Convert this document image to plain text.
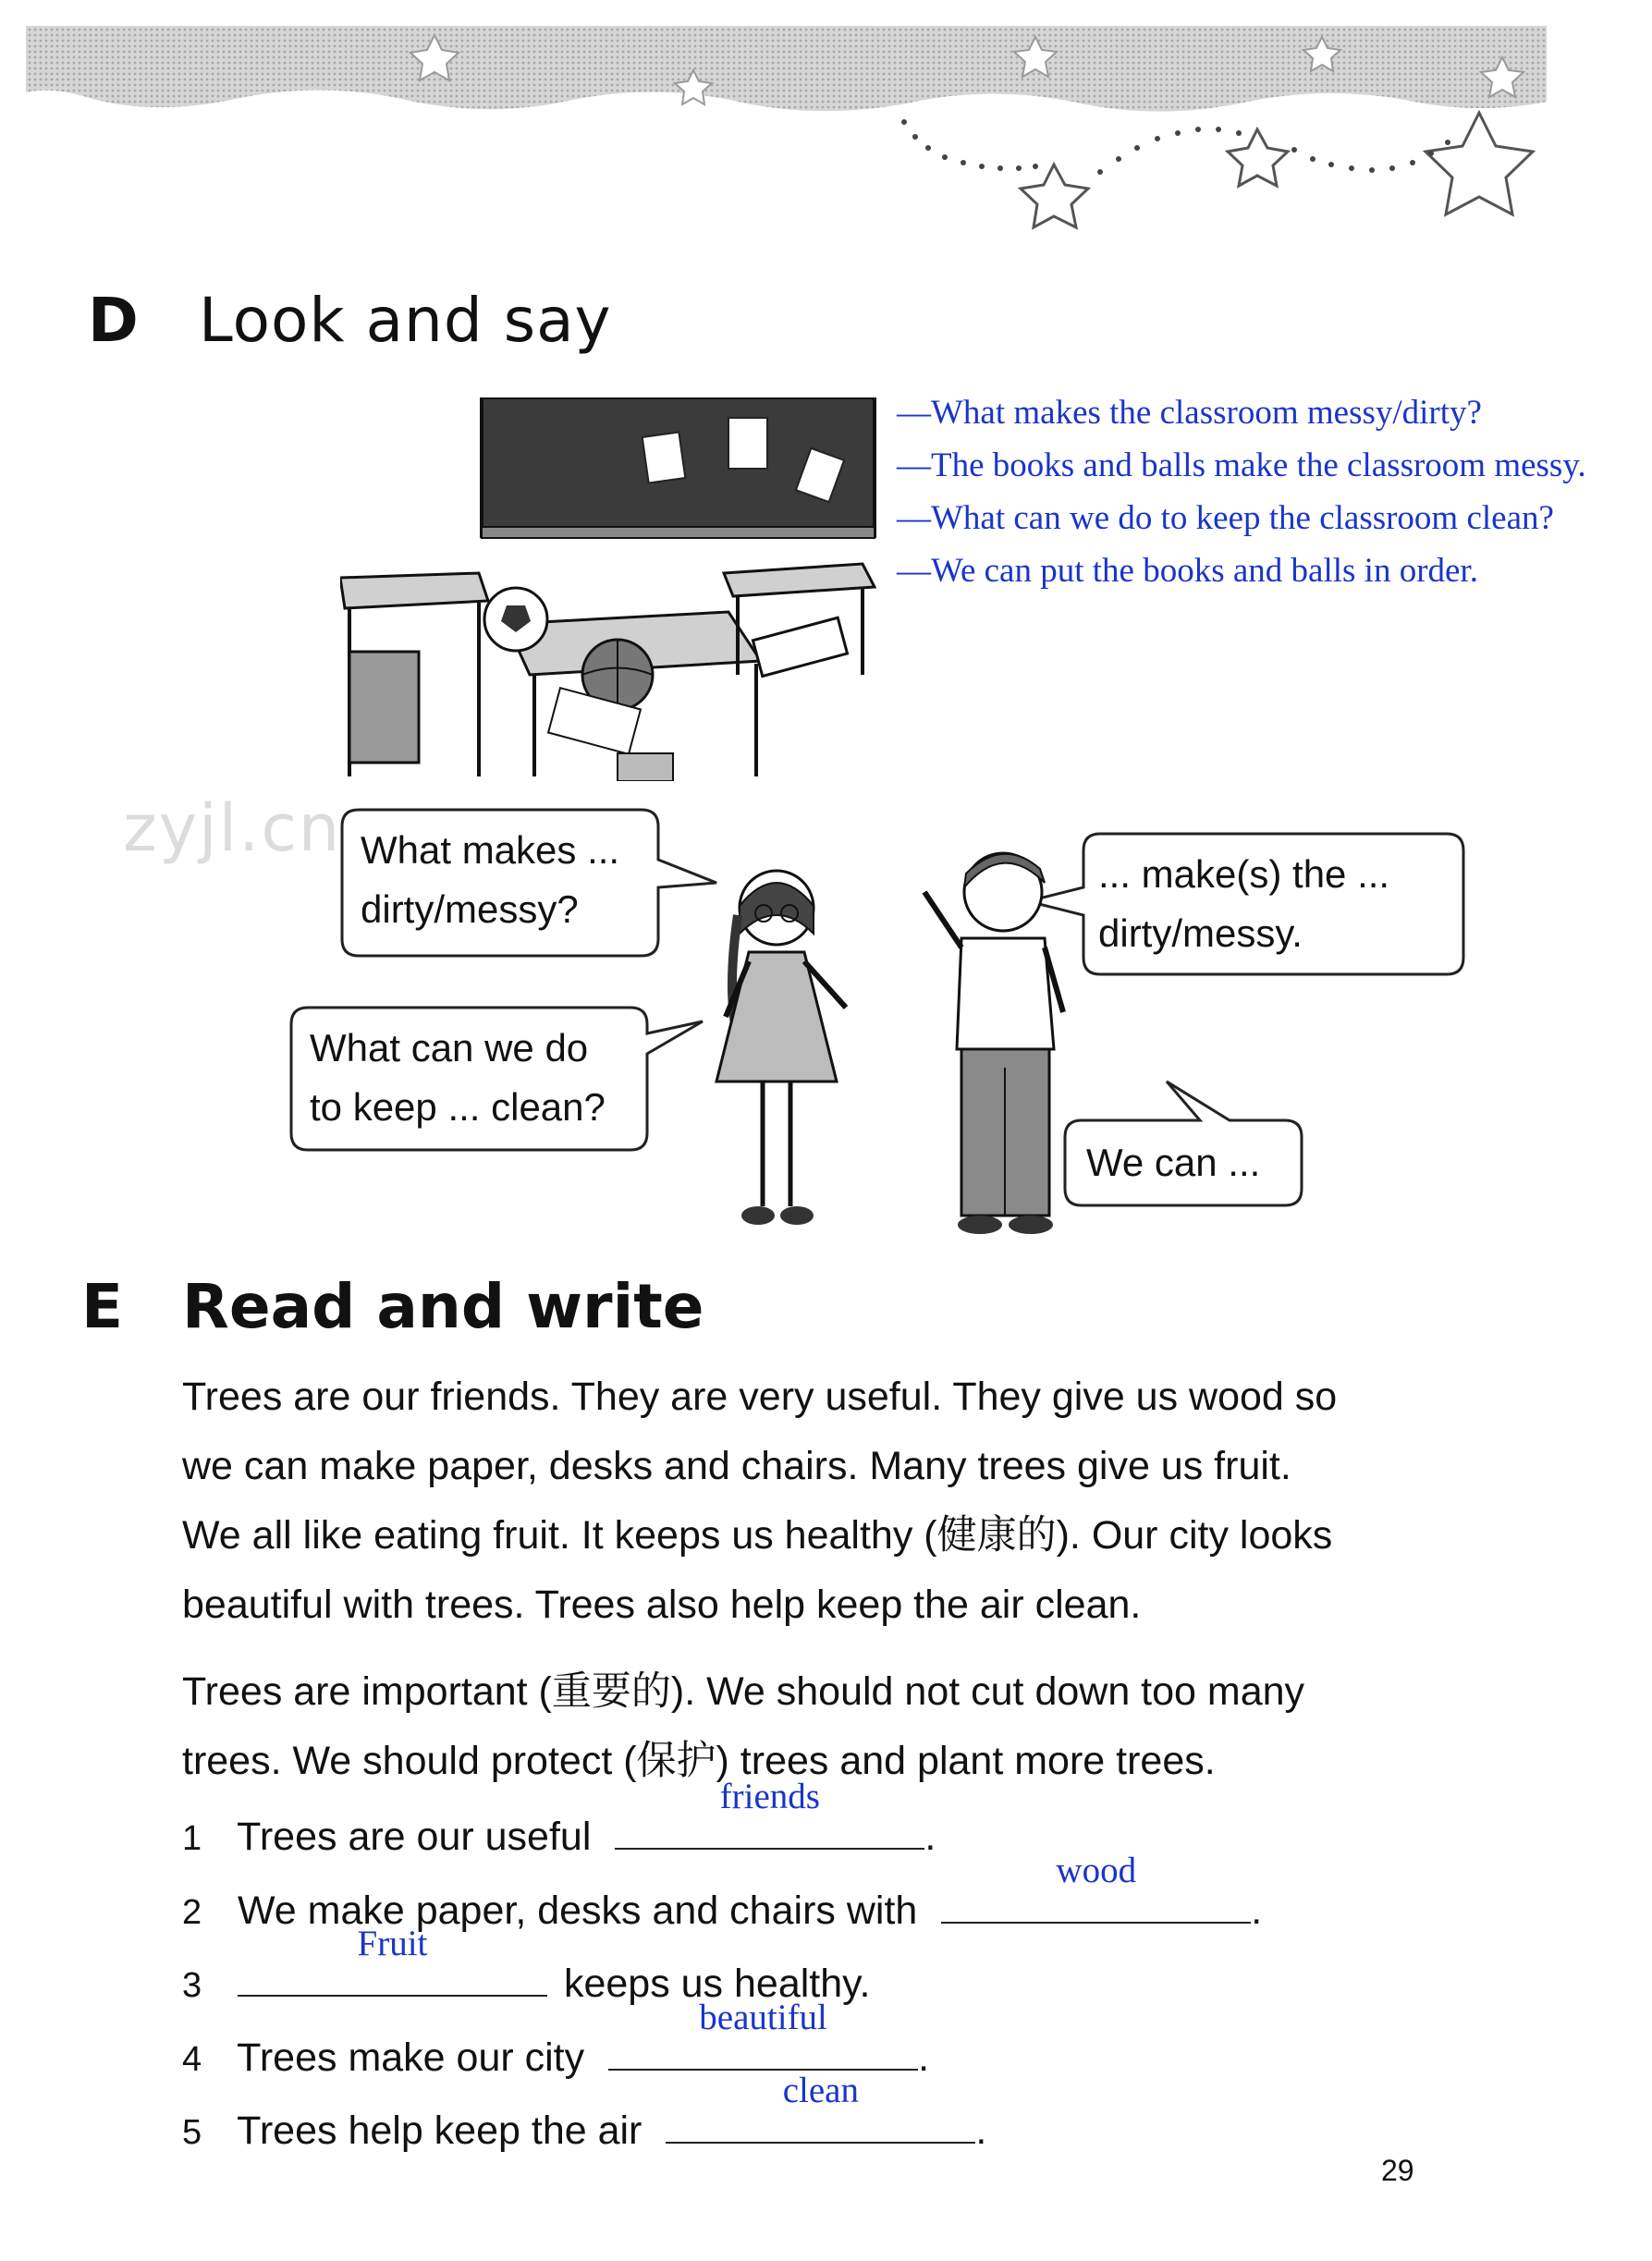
D Look and say
—What makes the classroom messy/dirty?
—The books and balls make the classroom messy.
—What can we do to keep the classroom clean?
—We can put the books and balls in order.
zyjl.cn What makes ...
dirty/messy?
What can we do
to keep ... clean?
... make(s) the ...
dirty/messy.
We can ...
E Read and write

Trees are our friends. They are very useful. They give us wood so

we can make paper, desks and chairs. Many trees give us fruit.

We all like eating fruit. It keeps us healthy (健康的). Our city looks

beautiful with trees. Trees also help keep the air clean.

Trees are important (重要的). We should not cut down too many

trees. We should protect (保护) trees and plant more trees.

1 Trees are our useful
friends
.
2 We make paper, desks and chairs with
wood
.
3
Fruit
keeps us healthy.
4 Trees make our city
beautiful
.
5 Trees help keep the air
clean
.
29
